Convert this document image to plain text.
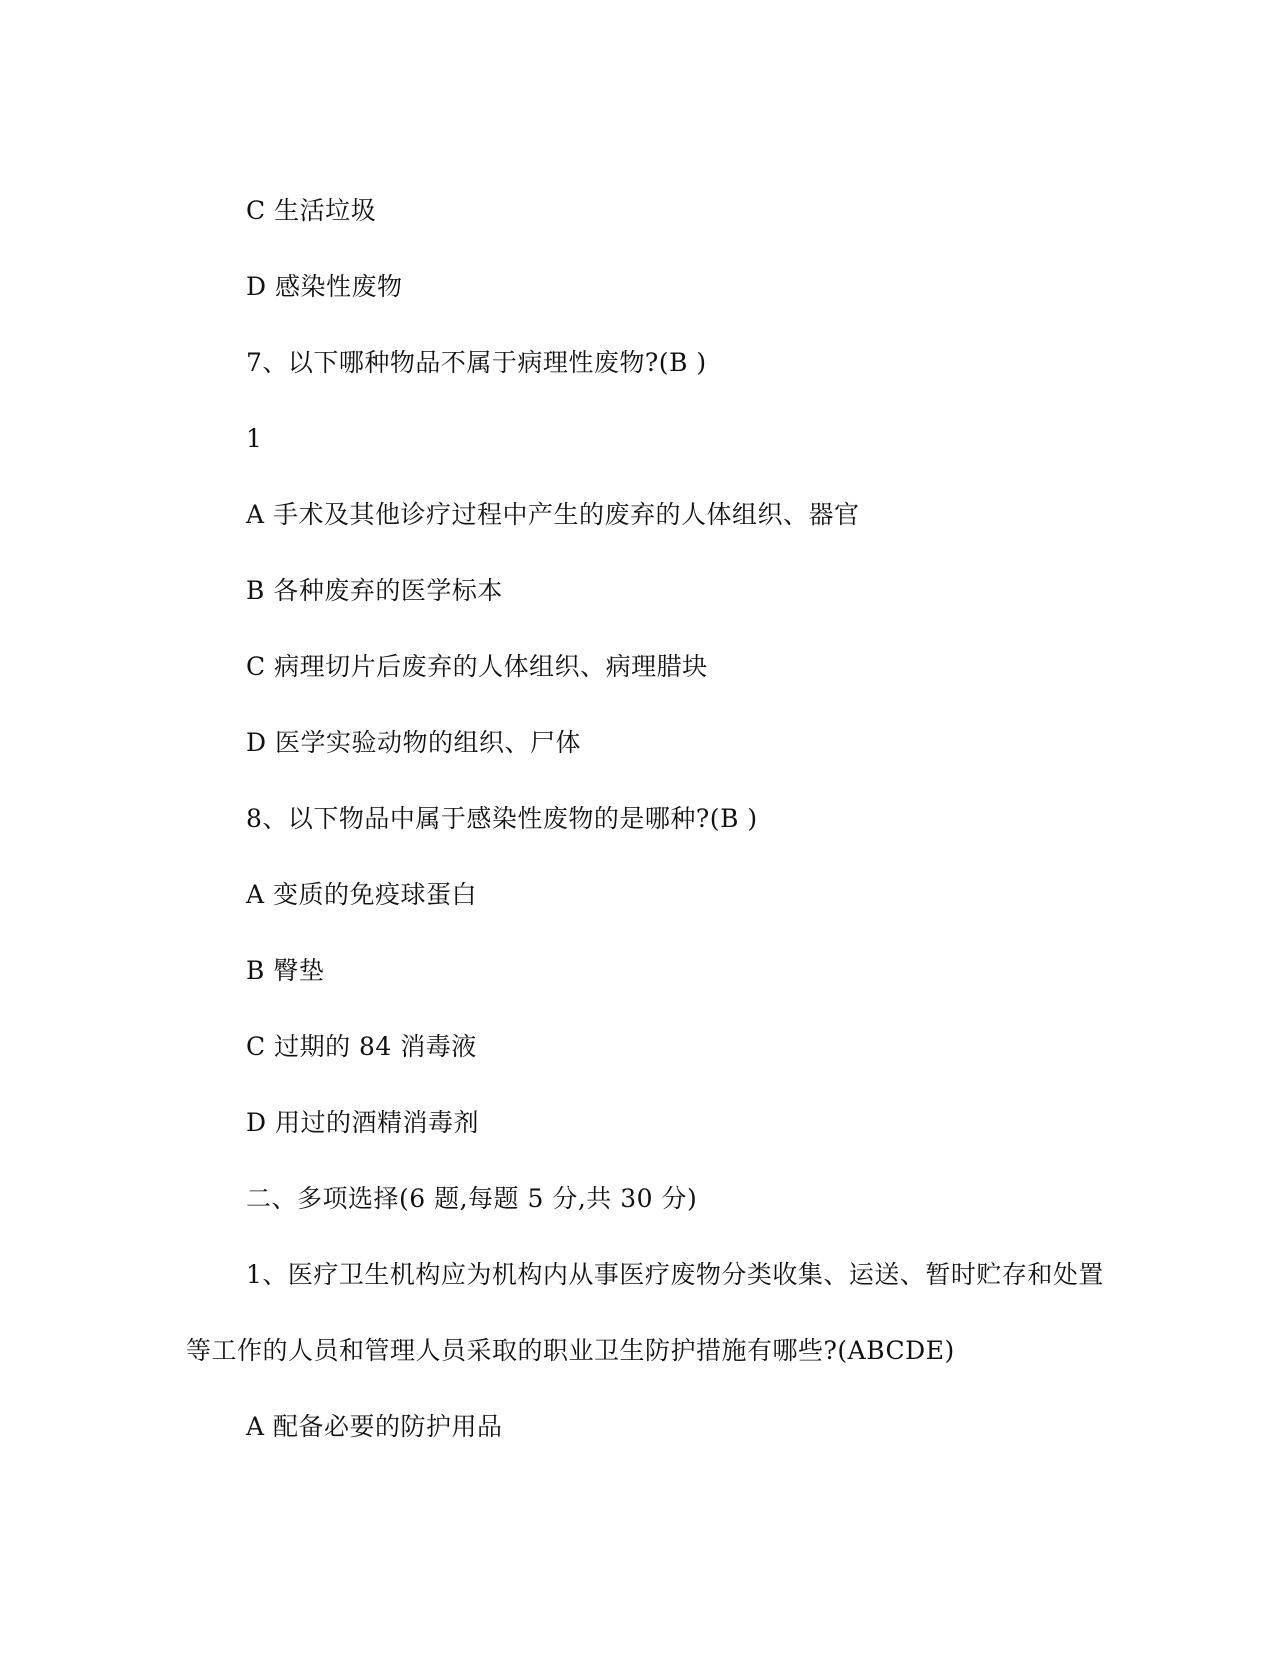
C 生活垃圾
D 感染性废物
7、以下哪种物品不属于病理性废物?(B )
1
A 手术及其他诊疗过程中产生的废弃的人体组织、器官
B 各种废弃的医学标本
C 病理切片后废弃的人体组织、病理腊块
D 医学实验动物的组织、尸体
8、以下物品中属于感染性废物的是哪种?(B )
A 变质的免疫球蛋白
B 臀垫
C 过期的 84 消毒液
D 用过的酒精消毒剂
二、多项选择(6 题,每题 5 分,共 30 分)
1、医疗卫生机构应为机构内从事医疗废物分类收集、运送、暂时贮存和处置
等工作的人员和管理人员采取的职业卫生防护措施有哪些?(ABCDE)
A 配备必要的防护用品
